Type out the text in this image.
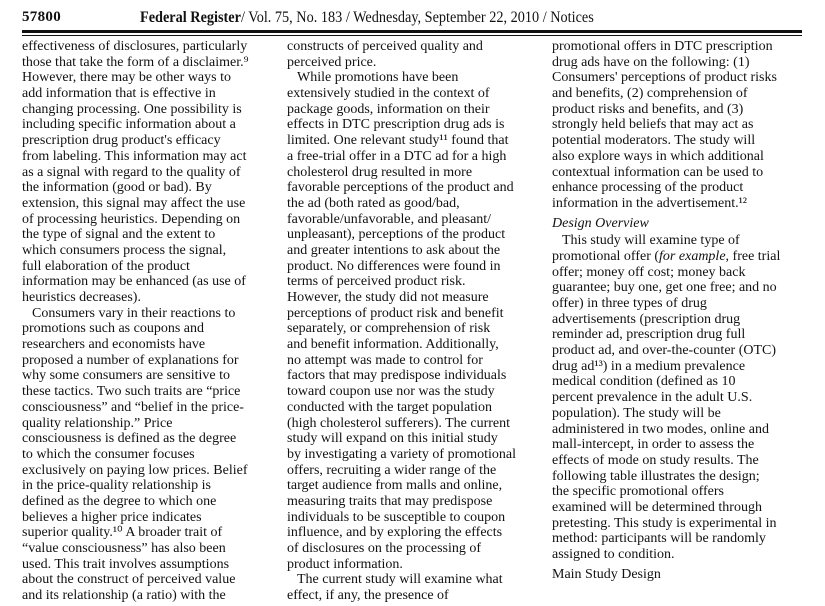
57800	Federal Register/ Vol. 75, No. 183 / Wednesday, September 22, 2010 / Notices
effectiveness of disclosures, particularly
those that take the form of a disclaimer.⁹
However, there may be other ways to
add information that is effective in
changing processing. One possibility is
including specific information about a
prescription drug product's efficacy
from labeling. This information may act
as a signal with regard to the quality of
the information (good or bad). By
extension, this signal may affect the use
of processing heuristics. Depending on
the type of signal and the extent to
which consumers process the signal,
full elaboration of the product
information may be enhanced (as use of
heuristics decreases).
Consumers vary in their reactions to
promotions such as coupons and
researchers and economists have
proposed a number of explanations for
why some consumers are sensitive to
these tactics. Two such traits are “price
consciousness” and “belief in the price-
quality relationship.” Price
consciousness is defined as the degree
to which the consumer focuses
exclusively on paying low prices. Belief
in the price-quality relationship is
defined as the degree to which one
believes a higher price indicates
superior quality.¹⁰ A broader trait of
“value consciousness” has also been
used. This trait involves assumptions
about the construct of perceived value
and its relationship (a ratio) with the
constructs of perceived quality and
perceived price.
While promotions have been
extensively studied in the context of
package goods, information on their
effects in DTC prescription drug ads is
limited. One relevant study¹¹ found that
a free-trial offer in a DTC ad for a high
cholesterol drug resulted in more
favorable perceptions of the product and
the ad (both rated as good/bad,
favorable/unfavorable, and pleasant/
unpleasant), perceptions of the product
and greater intentions to ask about the
product. No differences were found in
terms of perceived product risk.
However, the study did not measure
perceptions of product risk and benefit
separately, or comprehension of risk
and benefit information. Additionally,
no attempt was made to control for
factors that may predispose individuals
toward coupon use nor was the study
conducted with the target population
(high cholesterol sufferers). The current
study will expand on this initial study
by investigating a variety of promotional
offers, recruiting a wider range of the
target audience from malls and online,
measuring traits that may predispose
individuals to be susceptible to coupon
influence, and by exploring the effects
of disclosures on the processing of
product information.
The current study will examine what
effect, if any, the presence of
promotional offers in DTC prescription
drug ads have on the following: (1)
Consumers' perceptions of product risks
and benefits, (2) comprehension of
product risks and benefits, and (3)
strongly held beliefs that may act as
potential moderators. The study will
also explore ways in which additional
contextual information can be used to
enhance processing of the product
information in the advertisement.¹²
Design Overview
This study will examine type of
promotional offer (for example, free trial
offer; money off cost; money back
guarantee; buy one, get one free; and no
offer) in three types of drug
advertisements (prescription drug
reminder ad, prescription drug full
product ad, and over-the-counter (OTC)
drug ad¹³) in a medium prevalence
medical condition (defined as 10
percent prevalence in the adult U.S.
population). The study will be
administered in two modes, online and
mall-intercept, in order to assess the
effects of mode on study results. The
following table illustrates the design;
the specific promotional offers
examined will be determined through
pretesting. This study is experimental in
method: participants will be randomly
assigned to condition.
Main Study Design
